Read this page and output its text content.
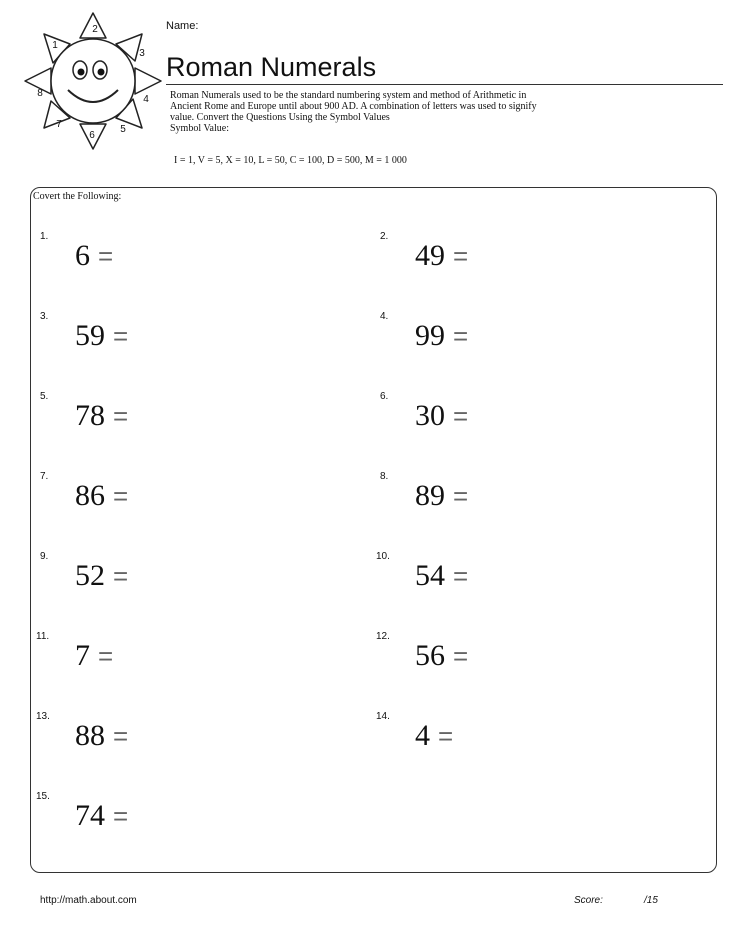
1
2
3
4
5
6
7
8
Name:
Roman Numerals

Roman Numerals used to be the standard numbering system and method of Arithmetic in

Ancient Rome and Europe until about 900 AD. A combination of letters was used to signify

value. Convert the Questions Using the Symbol Values

Symbol Value:

I = 1, V = 5, X = 10, L = 50, C = 100, D = 500, M = 1 000
Covert the Following:
1.
6 =
3.
59 =
5.
78 =
7.
86 =
9.
52 =
11.
7 =
13.
88 =
15.
74 =
2.
49 =
4.
99 =
6.
30 =
8.
89 =
10.
54 =
12.
56 =
14.
4 =
http://math.about.com	Score:	/15
